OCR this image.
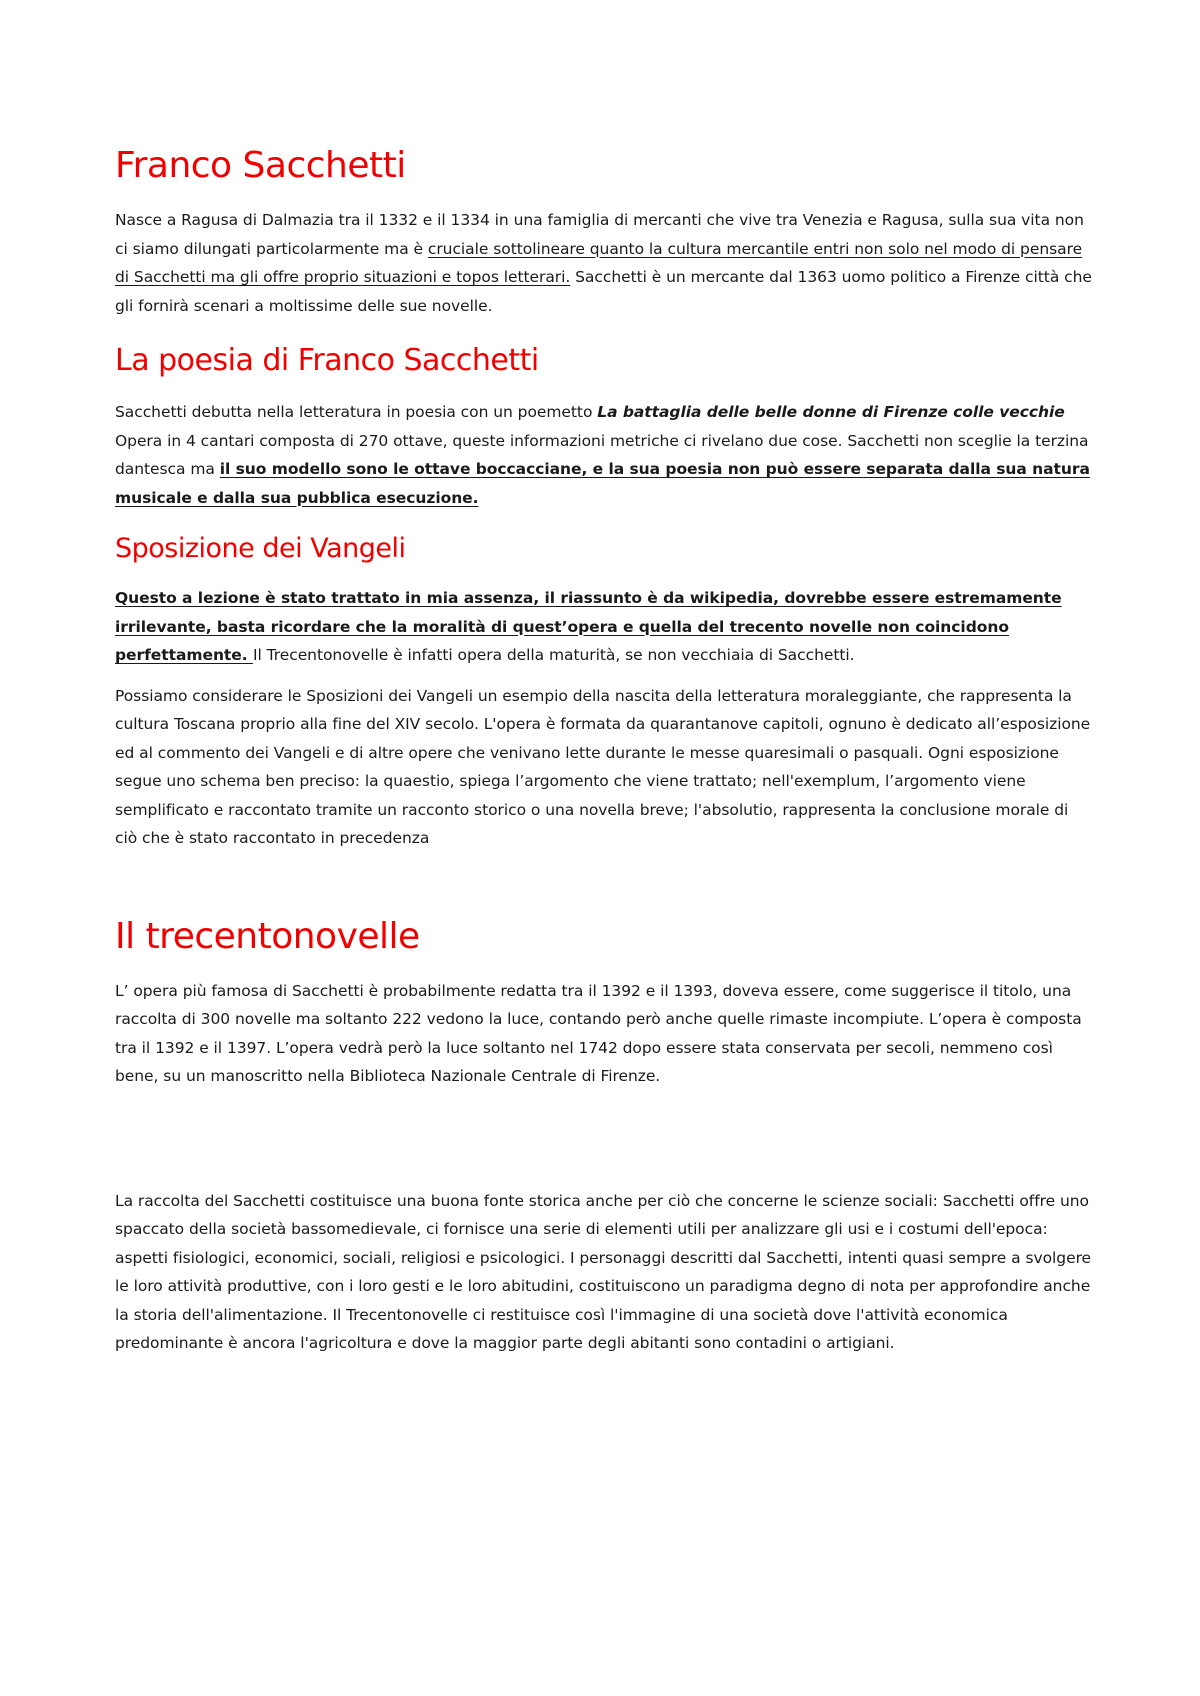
Franco Sacchetti

Nasce a Ragusa di Dalmazia tra il 1332 e il 1334 in una famiglia di mercanti che vive tra Venezia e Ragusa, sulla sua vita non ci siamo dilungati particolarmente ma è cruciale sottolineare quanto la cultura mercantile entri non solo nel modo di pensare di Sacchetti ma gli offre proprio situazioni e topos letterari. Sacchetti è un mercante dal 1363 uomo politico a Firenze città che gli fornirà scenari a moltissime delle sue novelle.

La poesia di Franco Sacchetti

Sacchetti debutta nella letteratura in poesia con un poemetto La battaglia delle belle donne di Firenze colle vecchie Opera in 4 cantari composta di 270 ottave, queste informazioni metriche ci rivelano due cose. Sacchetti non sceglie la terzina dantesca ma il suo modello sono le ottave boccacciane, e la sua poesia non può essere separata dalla sua natura musicale e dalla sua pubblica esecuzione.

Sposizione dei Vangeli

Questo a lezione è stato trattato in mia assenza, il riassunto è da wikipedia, dovrebbe essere estremamente irrilevante, basta ricordare che la moralità di quest’opera e quella del trecento novelle non coincidono perfettamente. Il Trecentonovelle è infatti opera della maturità, se non vecchiaia di Sacchetti.

Possiamo considerare le Sposizioni dei Vangeli un esempio della nascita della letteratura moraleggiante, che rappresenta la cultura Toscana proprio alla fine del XIV secolo. L'opera è formata da quarantanove capitoli, ognuno è dedicato all’esposizione ed al commento dei Vangeli e di altre opere che venivano lette durante le messe quaresimali o pasquali. Ogni esposizione segue uno schema ben preciso: la quaestio, spiega l’argomento che viene trattato; nell'exemplum, l’argomento viene semplificato e raccontato tramite un racconto storico o una novella breve; l'absolutio, rappresenta la conclusione morale di ciò che è stato raccontato in precedenza

Il trecentonovelle

L’ opera più famosa di Sacchetti è probabilmente redatta tra il 1392 e il 1393, doveva essere, come suggerisce il titolo, una raccolta di 300 novelle ma soltanto 222 vedono la luce, contando però anche quelle rimaste incompiute. L’opera è composta tra il 1392 e il 1397. L’opera vedrà però la luce soltanto nel 1742 dopo essere stata conservata per secoli, nemmeno così bene, su un manoscritto nella Biblioteca Nazionale Centrale di Firenze.

La raccolta del Sacchetti costituisce una buona fonte storica anche per ciò che concerne le scienze sociali: Sacchetti offre uno spaccato della società bassomedievale, ci fornisce una serie di elementi utili per analizzare gli usi e i costumi dell'epoca: aspetti fisiologici, economici, sociali, religiosi e psicologici. I personaggi descritti dal Sacchetti, intenti quasi sempre a svolgere le loro attività produttive, con i loro gesti e le loro abitudini, costituiscono un paradigma degno di nota per approfondire anche la storia dell'alimentazione. Il Trecentonovelle ci restituisce così l'immagine di una società dove l'attività economica predominante è ancora l'agricoltura e dove la maggior parte degli abitanti sono contadini o artigiani.
